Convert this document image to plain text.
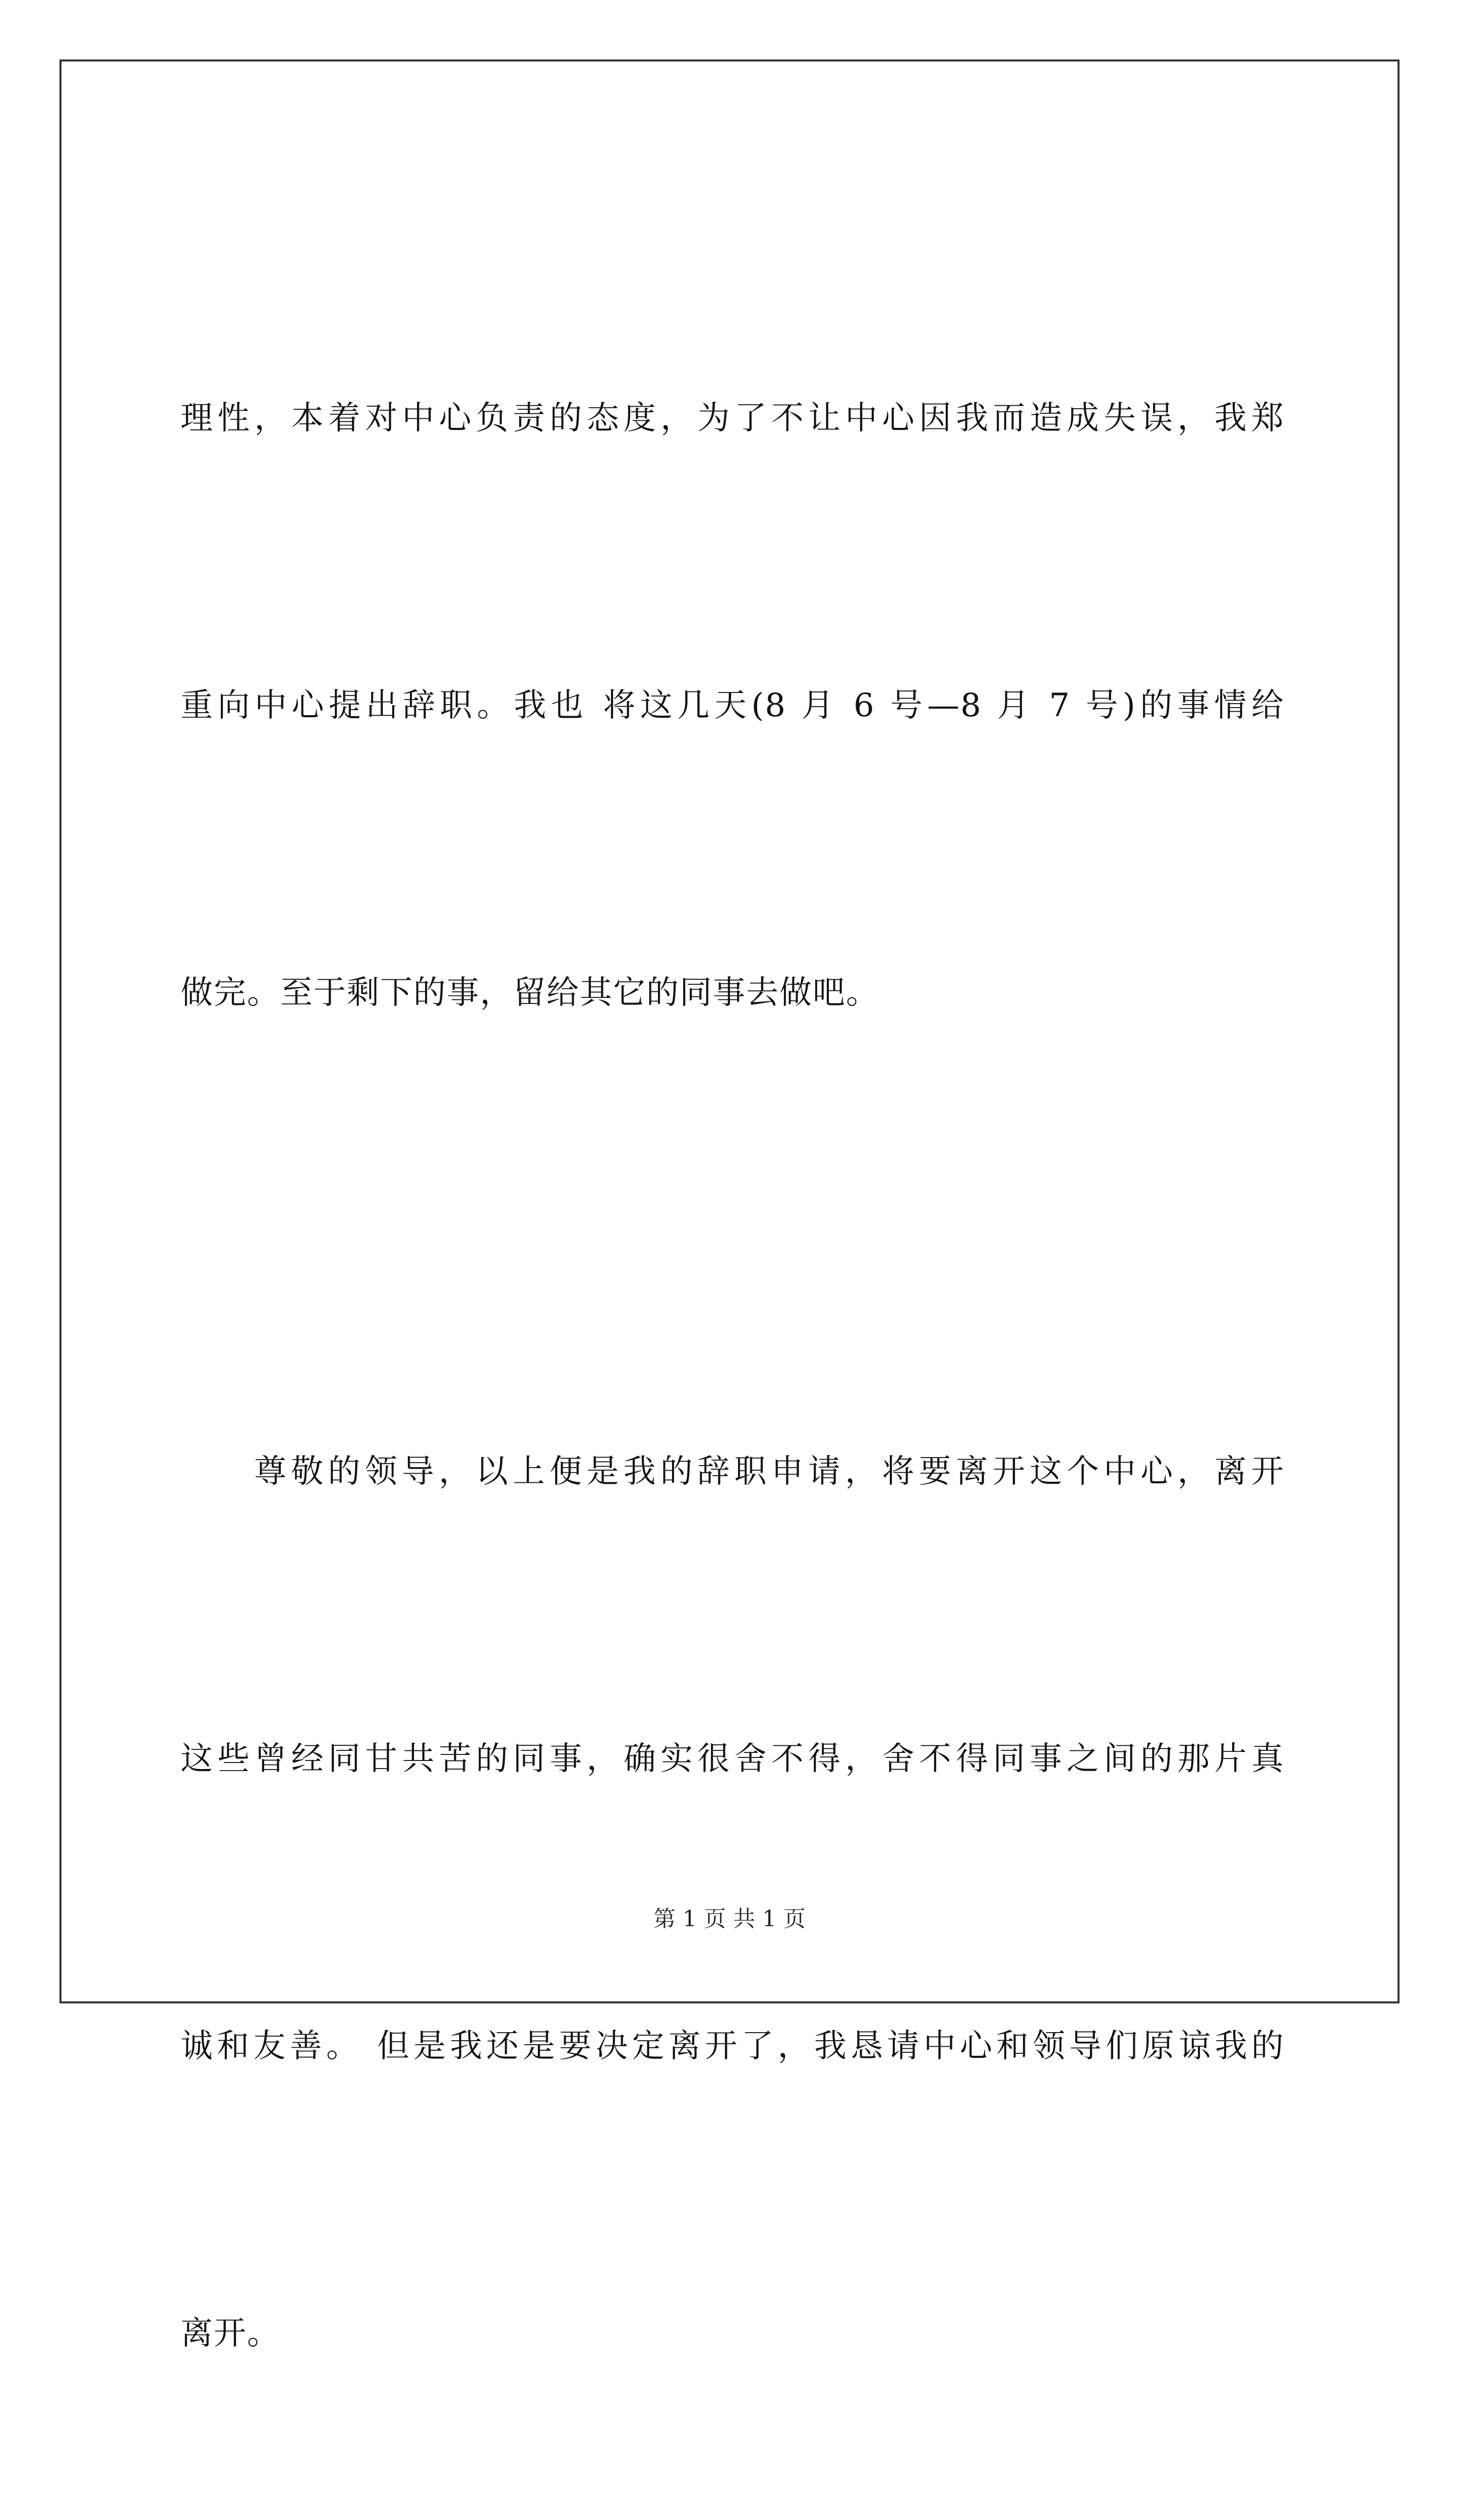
理性，本着对中心负责的态度，为了不让中心因我而造成失误，我郑

重向中心提出辞职。我也 将这几天(8 月 6 号—8 月 7 号)的事情给

做完。至于剩下的事，留给其它的同事去做吧。

尊敬的领导，以上便是我的辞职申请，将要离开这个中心，离开

这些曾经同甘共苦的同事，确实很舍不得，舍不得同事之间的那片真

诚和友善。 但是我还是要决定离开了，我恳请中心和领导们原谅我的

离开。

第 1 页 共 1 页
